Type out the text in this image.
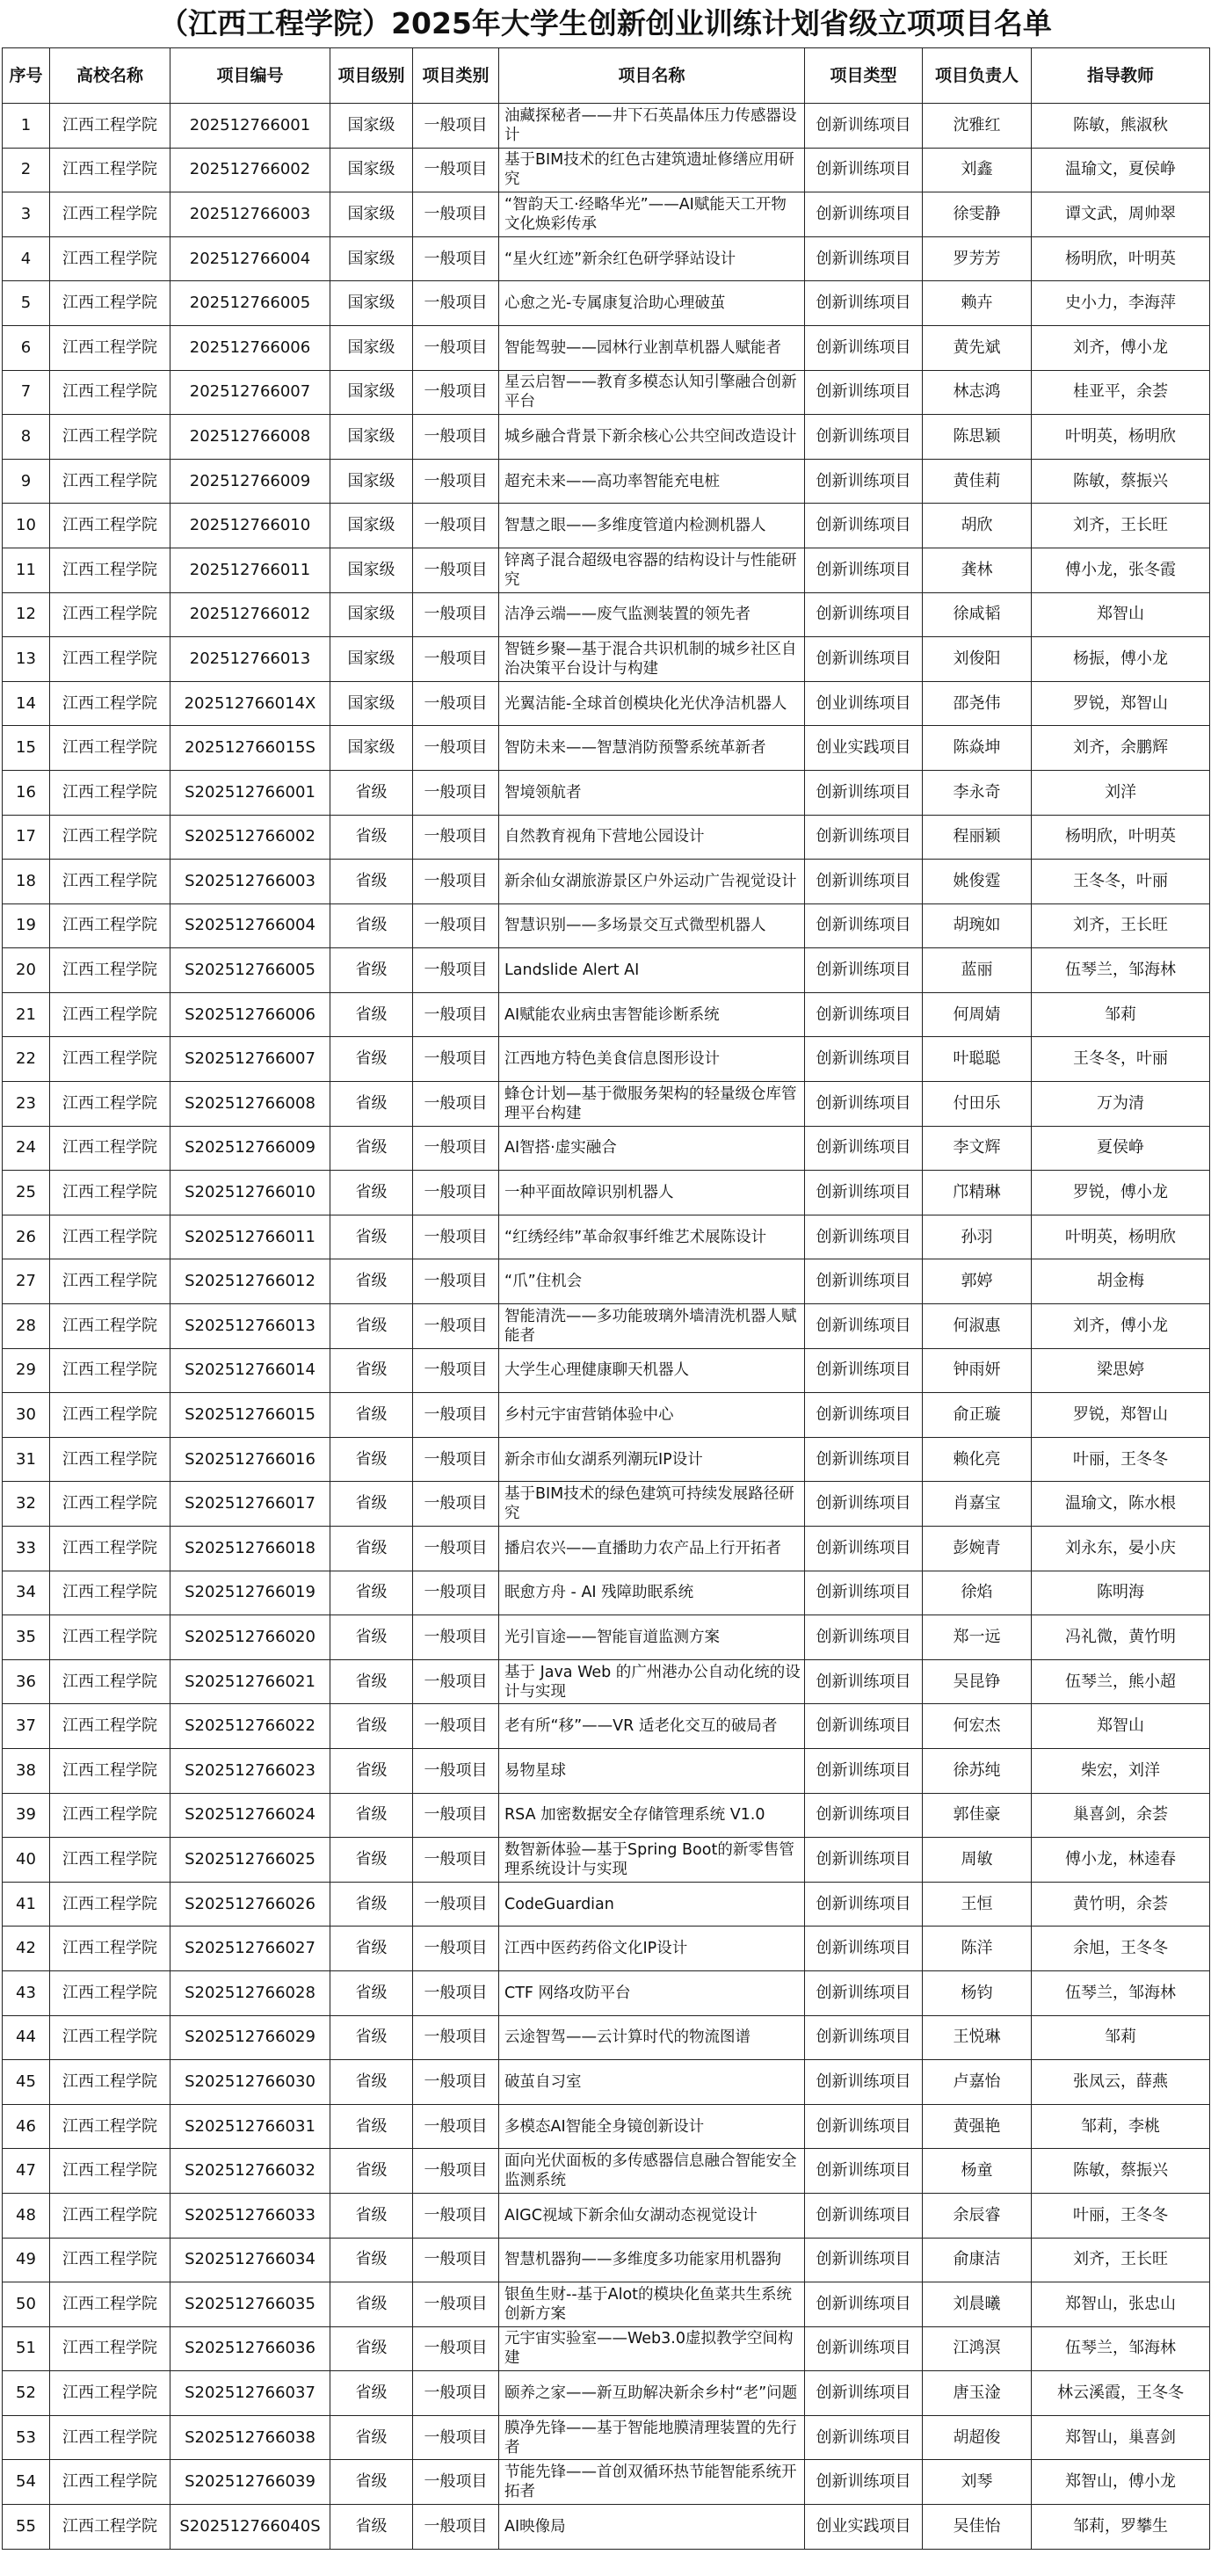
（江西工程学院）2025年大学生创新创业训练计划省级立项项目名单
序号	高校名称	项目编号	项目级别	项目类别	项目名称	项目类型	项目负责人	指导教师
1	江西工程学院	202512766001	国家级	一般项目	油藏探秘者——井下石英晶体压力传感器设计	创新训练项目	沈雅红	陈敏，熊淑秋
2	江西工程学院	202512766002	国家级	一般项目	基于BIM技术的红色古建筑遗址修缮应用研究	创新训练项目	刘鑫	温瑜文，夏侯峥
3	江西工程学院	202512766003	国家级	一般项目	“智韵天工·经略华光”——AI赋能天工开物文化焕彩传承	创新训练项目	徐雯静	谭文武，周帅翠
4	江西工程学院	202512766004	国家级	一般项目	“星火红迹”新余红色研学驿站设计	创新训练项目	罗芳芳	杨明欣，叶明英
5	江西工程学院	202512766005	国家级	一般项目	心愈之光-专属康复洽助心理破茧	创新训练项目	赖卉	史小力，李海萍
6	江西工程学院	202512766006	国家级	一般项目	智能驾驶——园林行业割草机器人赋能者	创新训练项目	黄先斌	刘齐，傅小龙
7	江西工程学院	202512766007	国家级	一般项目	星云启智——教育多模态认知引擎融合创新平台	创新训练项目	林志鸿	桂亚平，余荟
8	江西工程学院	202512766008	国家级	一般项目	城乡融合背景下新余核心公共空间改造设计	创新训练项目	陈思颖	叶明英，杨明欣
9	江西工程学院	202512766009	国家级	一般项目	超充未来——高功率智能充电桩	创新训练项目	黄佳莉	陈敏，蔡振兴
10	江西工程学院	202512766010	国家级	一般项目	智慧之眼——多维度管道内检测机器人	创新训练项目	胡欣	刘齐，王长旺
11	江西工程学院	202512766011	国家级	一般项目	锌离子混合超级电容器的结构设计与性能研究	创新训练项目	龚林	傅小龙，张冬霞
12	江西工程学院	202512766012	国家级	一般项目	洁净云端——废气监测装置的领先者	创新训练项目	徐咸韬	郑智山
13	江西工程学院	202512766013	国家级	一般项目	智链乡聚—基于混合共识机制的城乡社区自治决策平台设计与构建	创新训练项目	刘俊阳	杨振，傅小龙
14	江西工程学院	202512766014X	国家级	一般项目	光翼洁能-全球首创模块化光伏净洁机器人	创业训练项目	邵尧伟	罗锐，郑智山
15	江西工程学院	202512766015S	国家级	一般项目	智防未来——智慧消防预警系统革新者	创业实践项目	陈焱坤	刘齐，余鹏辉
16	江西工程学院	S202512766001	省级	一般项目	智境领航者	创新训练项目	李永奇	刘洋
17	江西工程学院	S202512766002	省级	一般项目	自然教育视角下营地公园设计	创新训练项目	程丽颖	杨明欣，叶明英
18	江西工程学院	S202512766003	省级	一般项目	新余仙女湖旅游景区户外运动广告视觉设计	创新训练项目	姚俊霆	王冬冬，叶丽
19	江西工程学院	S202512766004	省级	一般项目	智慧识别——多场景交互式微型机器人	创新训练项目	胡琬如	刘齐，王长旺
20	江西工程学院	S202512766005	省级	一般项目	Landslide Alert AI	创新训练项目	蓝丽	伍琴兰，邹海林
21	江西工程学院	S202512766006	省级	一般项目	AI赋能农业病虫害智能诊断系统	创新训练项目	何周婧	邹莉
22	江西工程学院	S202512766007	省级	一般项目	江西地方特色美食信息图形设计	创新训练项目	叶聪聪	王冬冬，叶丽
23	江西工程学院	S202512766008	省级	一般项目	蜂仓计划—基于微服务架构的轻量级仓库管理平台构建	创新训练项目	付田乐	万为清
24	江西工程学院	S202512766009	省级	一般项目	AI智搭·虚实融合	创新训练项目	李文辉	夏侯峥
25	江西工程学院	S202512766010	省级	一般项目	一种平面故障识别机器人	创新训练项目	邝精琳	罗锐，傅小龙
26	江西工程学院	S202512766011	省级	一般项目	“红绣经纬”革命叙事纤维艺术展陈设计	创新训练项目	孙羽	叶明英，杨明欣
27	江西工程学院	S202512766012	省级	一般项目	“爪”住机会	创新训练项目	郭婷	胡金梅
28	江西工程学院	S202512766013	省级	一般项目	智能清洗——多功能玻璃外墙清洗机器人赋能者	创新训练项目	何淑惠	刘齐，傅小龙
29	江西工程学院	S202512766014	省级	一般项目	大学生心理健康聊天机器人	创新训练项目	钟雨妍	梁思婷
30	江西工程学院	S202512766015	省级	一般项目	乡村元宇宙营销体验中心	创新训练项目	俞正璇	罗锐，郑智山
31	江西工程学院	S202512766016	省级	一般项目	新余市仙女湖系列潮玩IP设计	创新训练项目	赖化亮	叶丽，王冬冬
32	江西工程学院	S202512766017	省级	一般项目	基于BIM技术的绿色建筑可持续发展路径研究	创新训练项目	肖嘉宝	温瑜文，陈水根
33	江西工程学院	S202512766018	省级	一般项目	播启农兴——直播助力农产品上行开拓者	创新训练项目	彭婉青	刘永东，晏小庆
34	江西工程学院	S202512766019	省级	一般项目	眠愈方舟 - AI 残障助眠系统	创新训练项目	徐焰	陈明海
35	江西工程学院	S202512766020	省级	一般项目	光引盲途——智能盲道监测方案	创新训练项目	郑一远	冯礼微，黄竹明
36	江西工程学院	S202512766021	省级	一般项目	基于 Java Web 的广州港办公自动化统的设计与实现	创新训练项目	吴昆铮	伍琴兰，熊小超
37	江西工程学院	S202512766022	省级	一般项目	老有所“移”——VR 适老化交互的破局者	创新训练项目	何宏杰	郑智山
38	江西工程学院	S202512766023	省级	一般项目	易物星球	创新训练项目	徐苏纯	柴宏，刘洋
39	江西工程学院	S202512766024	省级	一般项目	RSA 加密数据安全存储管理系统 V1.0	创新训练项目	郭佳豪	巢喜剑，余荟
40	江西工程学院	S202512766025	省级	一般项目	数智新体验—基于Spring Boot的新零售管理系统设计与实现	创新训练项目	周敏	傅小龙，林逵春
41	江西工程学院	S202512766026	省级	一般项目	CodeGuardian	创新训练项目	王恒	黄竹明，余荟
42	江西工程学院	S202512766027	省级	一般项目	江西中医药药俗文化IP设计	创新训练项目	陈洋	余旭，王冬冬
43	江西工程学院	S202512766028	省级	一般项目	CTF 网络攻防平台	创新训练项目	杨钧	伍琴兰，邹海林
44	江西工程学院	S202512766029	省级	一般项目	云途智驾——云计算时代的物流图谱	创新训练项目	王悦琳	邹莉
45	江西工程学院	S202512766030	省级	一般项目	破茧自习室	创新训练项目	卢嘉怡	张凤云，薛燕
46	江西工程学院	S202512766031	省级	一般项目	多模态AI智能全身镜创新设计	创新训练项目	黄强艳	邹莉，李桃
47	江西工程学院	S202512766032	省级	一般项目	面向光伏面板的多传感器信息融合智能安全监测系统	创新训练项目	杨童	陈敏，蔡振兴
48	江西工程学院	S202512766033	省级	一般项目	AIGC视域下新余仙女湖动态视觉设计	创新训练项目	余辰睿	叶丽，王冬冬
49	江西工程学院	S202512766034	省级	一般项目	智慧机器狗——多维度多功能家用机器狗	创新训练项目	俞康洁	刘齐，王长旺
50	江西工程学院	S202512766035	省级	一般项目	银鱼生财--基于Alot的模块化鱼菜共生系统创新方案	创新训练项目	刘晨曦	郑智山，张忠山
51	江西工程学院	S202512766036	省级	一般项目	元宇宙实验室——Web3.0虚拟教学空间构建	创新训练项目	江鸿溟	伍琴兰，邹海林
52	江西工程学院	S202512766037	省级	一般项目	颐养之家——新互助解决新余乡村“老”问题	创新训练项目	唐玉淦	林云溪霞，王冬冬
53	江西工程学院	S202512766038	省级	一般项目	膜净先锋——基于智能地膜清理装置的先行者	创新训练项目	胡超俊	郑智山，巢喜剑
54	江西工程学院	S202512766039	省级	一般项目	节能先锋——首创双循环热节能智能系统开拓者	创新训练项目	刘琴	郑智山，傅小龙
55	江西工程学院	S202512766040S	省级	一般项目	AI映像局	创业实践项目	吴佳怡	邹莉，罗攀生
